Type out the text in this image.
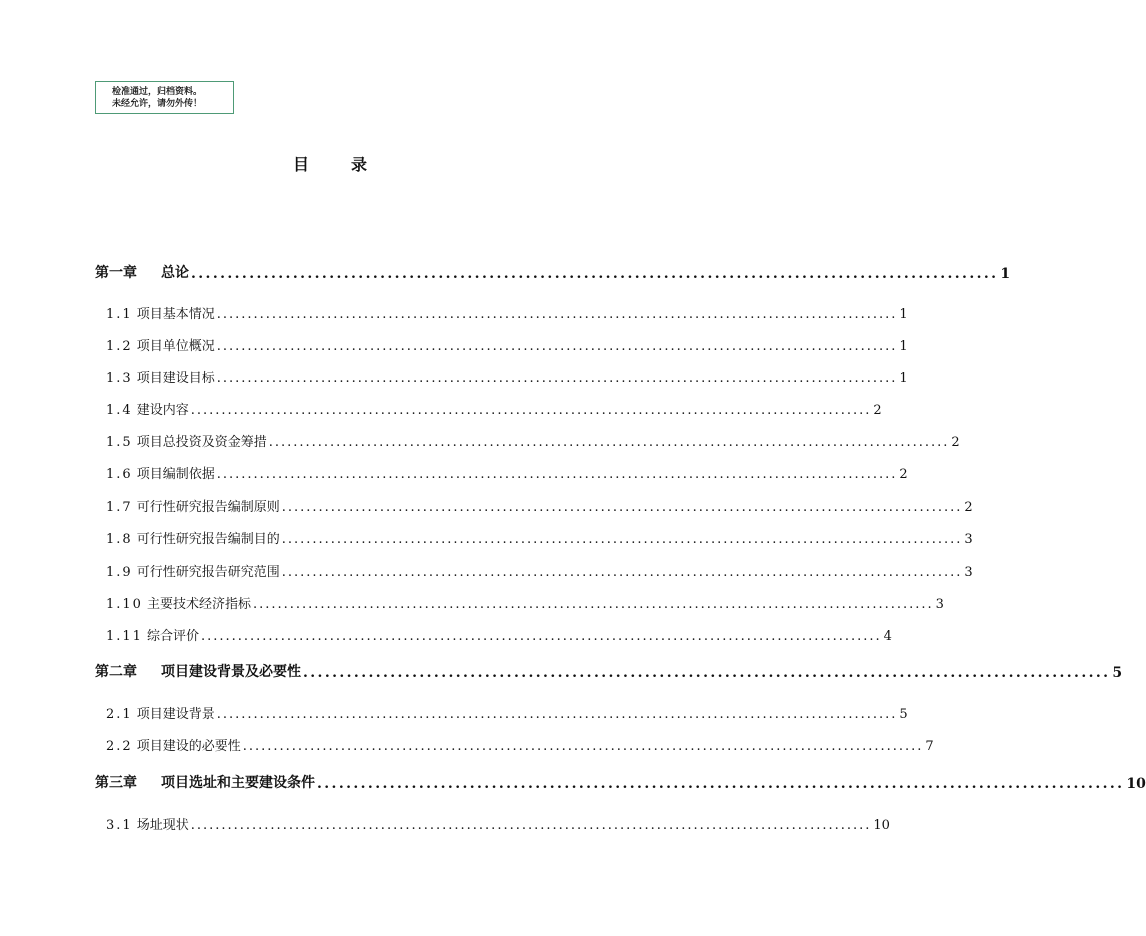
检准通过，归档资料。
未经允许，请勿外传！
目	录
第一章 总论 ............................................................................................................... 1
1.1 项目基本情况 ............................................................................................................... 1
1.2 项目单位概况 ............................................................................................................... 1
1.3 项目建设目标 ............................................................................................................... 1
1.4 建设内容 ............................................................................................................... 2
1.5 项目总投资及资金筹措 ............................................................................................................... 2
1.6 项目编制依据 ............................................................................................................... 2
1.7 可行性研究报告编制原则 ............................................................................................................... 2
1.8 可行性研究报告编制目的 ............................................................................................................... 3
1.9 可行性研究报告研究范围 ............................................................................................................... 3
1.10 主要技术经济指标 ............................................................................................................... 3
1.11 综合评价 ............................................................................................................... 4
第二章 项目建设背景及必要性 ............................................................................................................... 5
2.1 项目建设背景 ............................................................................................................... 5
2.2 项目建设的必要性 ............................................................................................................... 7
第三章 项目选址和主要建设条件 ............................................................................................................... 10
3.1 场址现状 ............................................................................................................... 10
